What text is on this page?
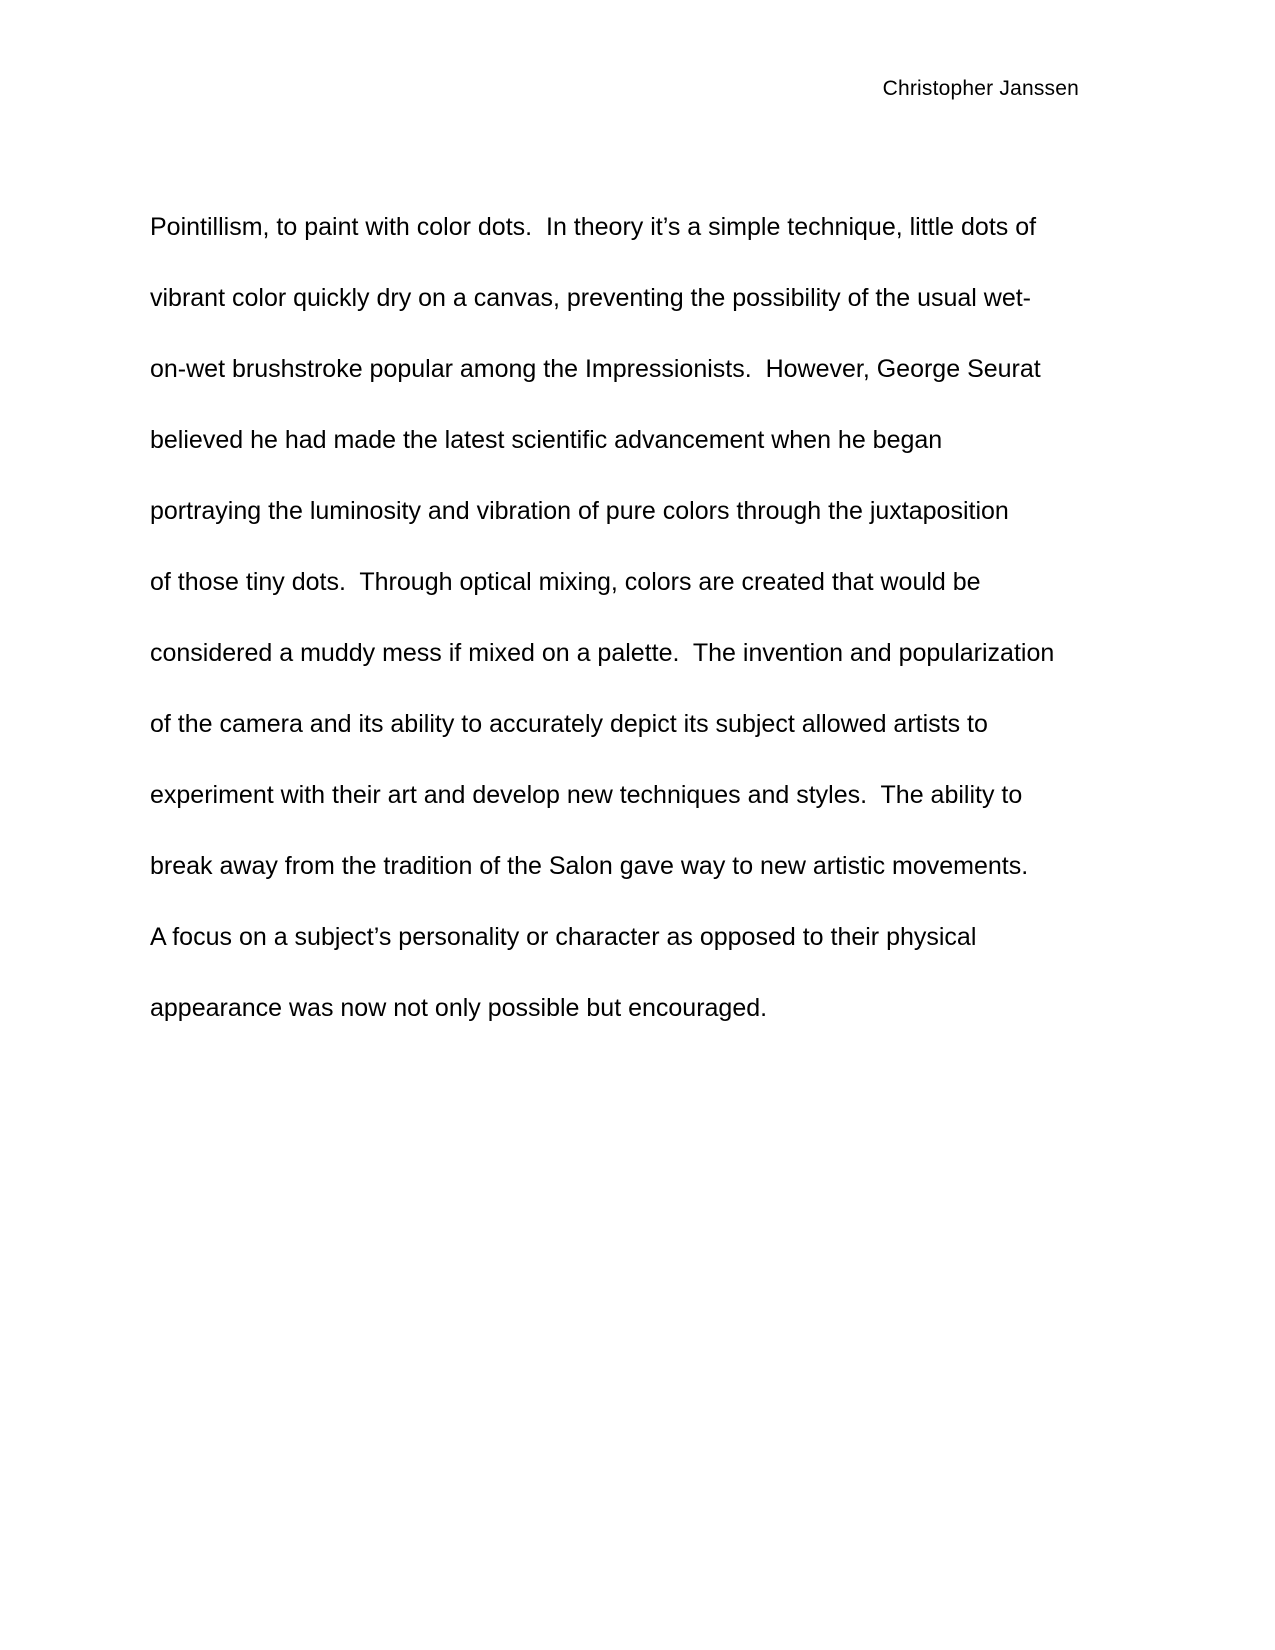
Christopher Janssen
Pointillism, to paint with color dots.  In theory it’s a simple technique, little dots of
vibrant color quickly dry on a canvas, preventing the possibility of the usual wet-
on-wet brushstroke popular among the Impressionists.  However, George Seurat
believed he had made the latest scientific advancement when he began
portraying the luminosity and vibration of pure colors through the juxtaposition
of those tiny dots.  Through optical mixing, colors are created that would be
considered a muddy mess if mixed on a palette.  The invention and popularization
of the camera and its ability to accurately depict its subject allowed artists to
experiment with their art and develop new techniques and styles.  The ability to
break away from the tradition of the Salon gave way to new artistic movements.
A focus on a subject’s personality or character as opposed to their physical
appearance was now not only possible but encouraged.
